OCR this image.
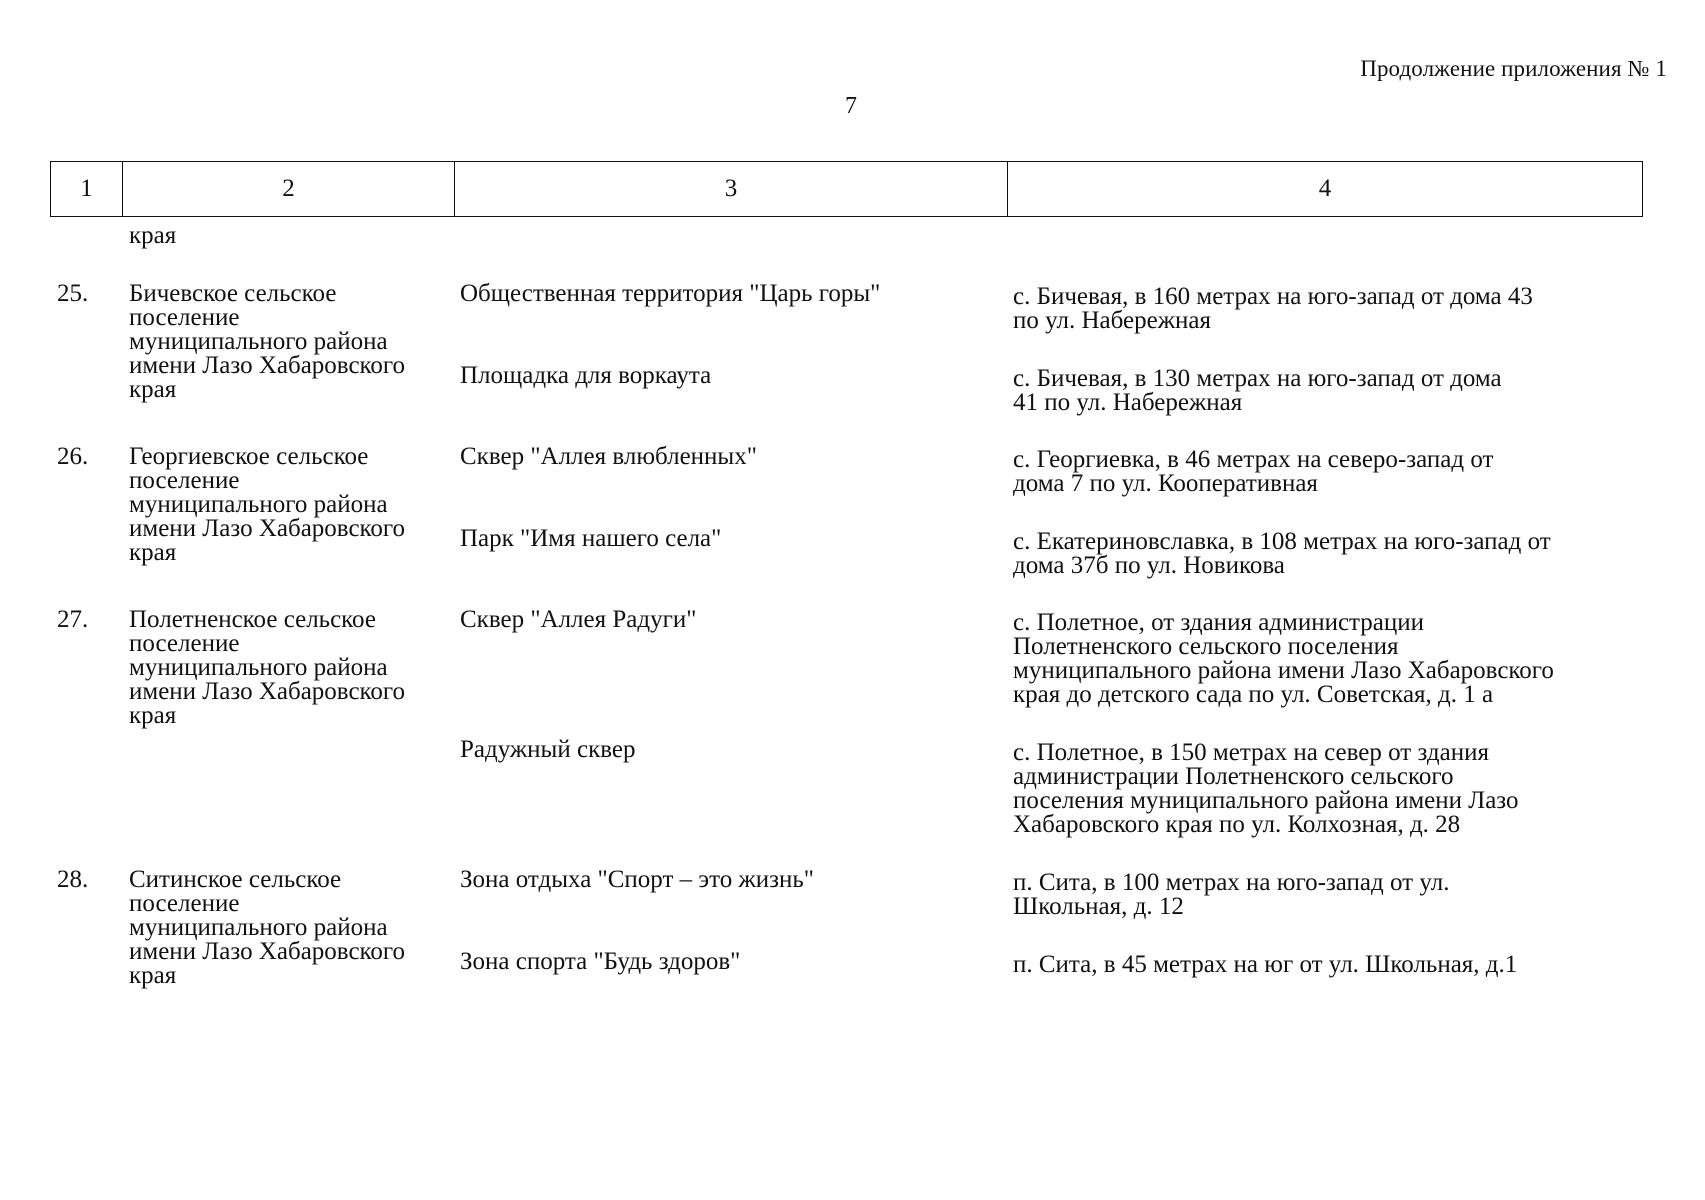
Продолжение приложения № 1
7
1	2	3	4
края
25. Бичевское сельское
поселение
муниципального района
имени Лазо Хабаровского
края
Общественная территория "Царь горы"	с. Бичевая, в 160 метрах на юго-запад от дома 43
по ул. Набережная
Площадка для воркаута	с. Бичевая, в 130 метрах на юго-запад от дома
41 по ул. Набережная
26. Георгиевское сельское
поселение
муниципального района
имени Лазо Хабаровского
края
Сквер "Аллея влюбленных"	с. Георгиевка, в 46 метрах на северо-запад от
дома 7 по ул. Кооперативная
Парк "Имя нашего села"	с. Екатериновславка, в 108 метрах на юго-запад от
дома 37б по ул. Новикова
27. Полетненское сельское
поселение
муниципального района
имени Лазо Хабаровского
края
Сквер "Аллея Радуги"	с. Полетное, от здания администрации
Полетненского сельского поселения
муниципального района имени Лазо Хабаровского
края до детского сада по ул. Советская, д. 1 а
Радужный сквер	с. Полетное, в 150 метрах на север от здания
администрации Полетненского сельского
поселения муниципального района имени Лазо
Хабаровского края по ул. Колхозная, д. 28
28. Ситинское сельское
поселение
муниципального района
имени Лазо Хабаровского
края
Зона отдыха "Спорт – это жизнь"	п. Сита, в 100 метрах на юго-запад от ул.
Школьная, д. 12
Зона спорта "Будь здоров"	п. Сита, в 45 метрах на юг от ул. Школьная, д.1
